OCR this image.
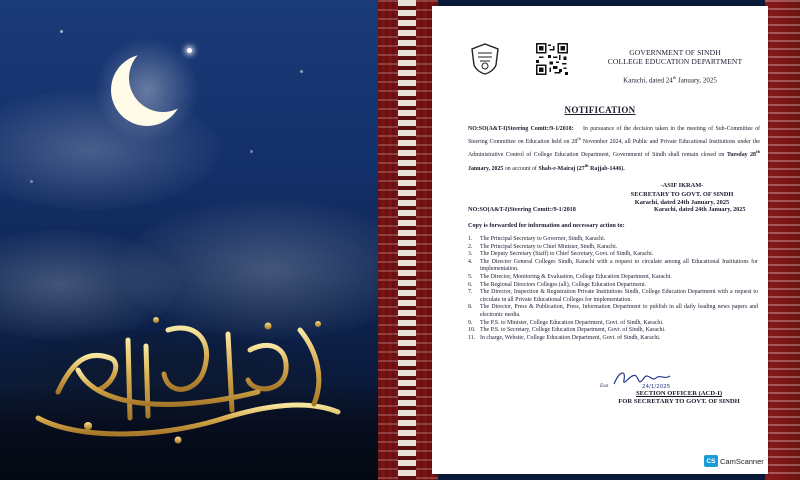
شبِ معراج النبی مبارک
GOVERNMENT OF SINDH
COLLEGE EDUCATION DEPARTMENT
Karachi, dated 24th January, 2025
NOTIFICATION
NO:SO(A&T-I)Steering Comtt:/9-1/2018: In pursuance of the decision taken in the meeting of Sub-Committee of Steering Committee on Education held on 28th November 2024, all Public and Private Educational Institutions under the Administrative Control of College Education Department, Government of Sindh shall remain closed on Tuesday 28th January, 2025 on account of Shab-e-Mairaj (27th Rajjab-1446).
-ASIF IKRAM-
SECRETARY TO GOVT. OF SINDH
Karachi, dated 24th January, 2025
NO:SO(A&T-I)Steering Comtt:/9-1/2018	Karachi, dated 24th January, 2025
Copy is forwarded for information and necessary action to:
1.	The Principal Secretary to Governor, Sindh, Karachi.
2.	The Principal Secretary to Chief Minister, Sindh, Karachi.
3.	The Deputy Secretary (Staff) to Chief Secretary, Govt. of Sindh, Karachi.
4.	The Director General Colleges Sindh, Karachi with a request to circulate among all Educational Institutions for implementation.
5.	The Director, Monitoring & Evaluation, College Education Department, Karachi.
6.	The Regional Directors Colleges (all), College Education Department.
7.	The Director, Inspection & Registration Private Institutions Sindh, College Education Department with a request to circulate in all Private Educational Colleges for implementation.
8.	The Director, Press & Publication, Press, Information Department to publish in all daily leading news papers and electronic media.
9.	The P.S. to Minister, College Education Department, Govt. of Sindh, Karachi.
10. The P.S. to Secretary, College Education Department, Govt. of Sindh, Karachi.
11. In charge, Website, College Education Department, Govt. of Sindh, Karachi.
24/1/2025
Esst
SECTION OFFICER (ACD-I)
FOR SECRETARY TO GOVT. OF SINDH
CS CamScanner
